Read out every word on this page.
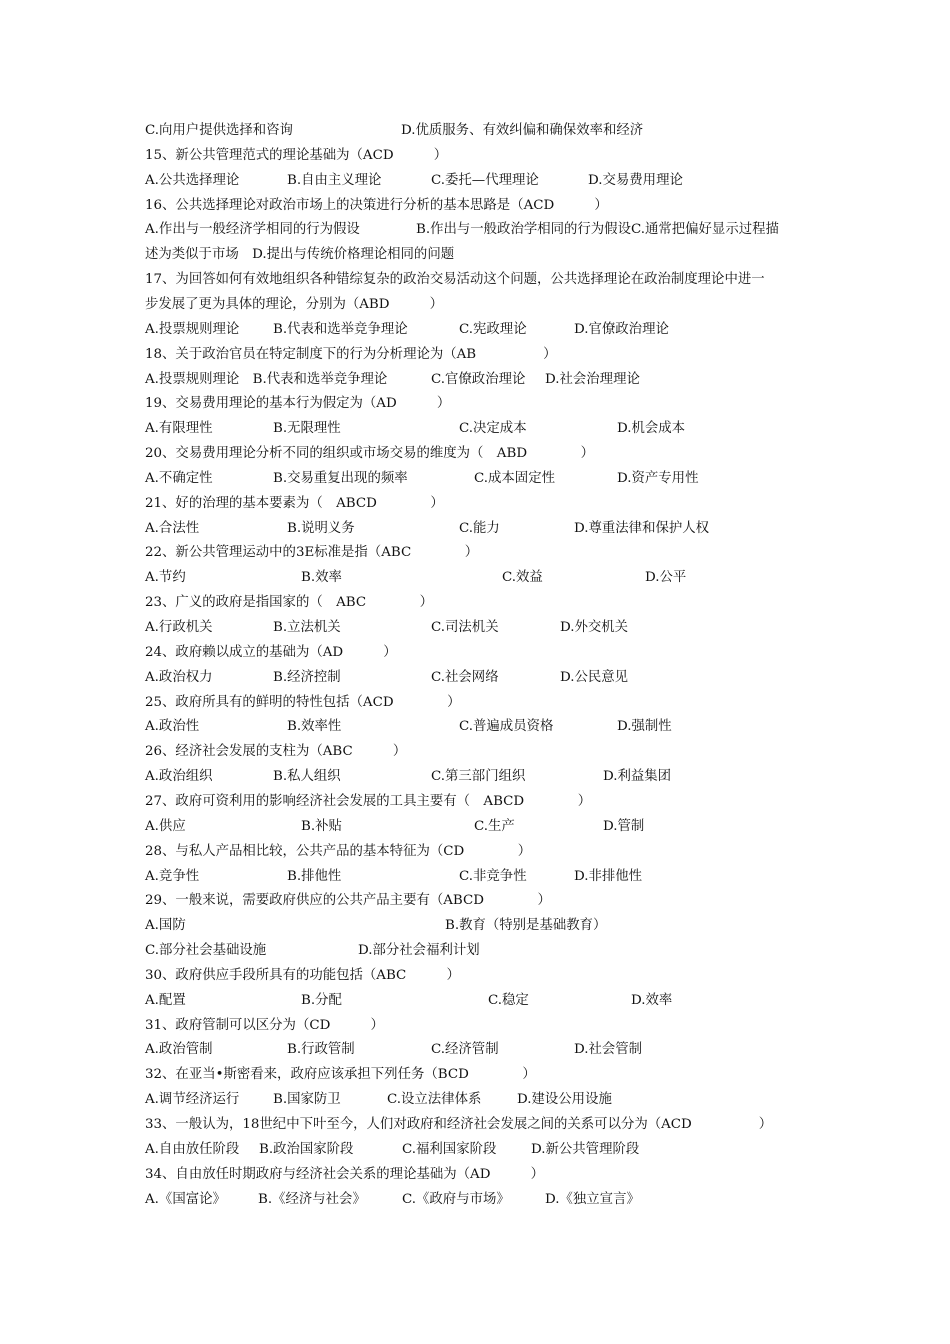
C.向用户提供选择和咨询	D.优质服务、有效纠偏和确保效率和经济
15、新公共管理范式的理论基础为（ACD　　　）
A.公共选择理论	B.自由主义理论	C.委托—代理理论	D.交易费用理论
16、公共选择理论对政治市场上的决策进行分析的基本思路是（ACD　　　）
A.作出与一般经济学相同的行为假设	B.作出与一般政治学相同的行为假设C.通常把偏好显示过程描
述为类似于市场　D.提出与传统价格理论相同的问题
17、为回答如何有效地组织各种错综复杂的政治交易活动这个问题，公共选择理论在政治制度理论中进一
步发展了更为具体的理论，分别为（ABD　　　）
A.投票规则理论	B.代表和选举竞争理论	C.宪政理论	D.官僚政治理论
18、关于政治官员在特定制度下的行为分析理论为（AB　　　　　）
A.投票规则理论　B.代表和选举竞争理论	C.官僚政治理论 D.社会治理理论
19、交易费用理论的基本行为假定为（AD　　　）
A.有限理性	B.无限理性	C.决定成本	D.机会成本
20、交易费用理论分析不同的组织或市场交易的维度为（　ABD　　　　）
A.不确定性	B.交易重复出现的频率	C.成本固定性	D.资产专用性
21、好的治理的基本要素为（　ABCD　　　　）
A.合法性	B.说明义务	C.能力	D.尊重法律和保护人权
22、新公共管理运动中的3E标准是指（ABC　　　　）
A.节约	B.效率	C.效益	D.公平
23、广义的政府是指国家的（　ABC　　　　）
A.行政机关	B.立法机关	C.司法机关	D.外交机关
24、政府赖以成立的基础为（AD　　　）
A.政治权力	B.经济控制	C.社会网络	D.公民意见
25、政府所具有的鲜明的特性包括（ACD　　　　）
A.政治性	B.效率性	C.普遍成员资格	D.强制性
26、经济社会发展的支柱为（ABC　　　）
A.政治组织	B.私人组织	C.第三部门组织	D.利益集团
27、政府可资利用的影响经济社会发展的工具主要有（　ABCD　　　　）
A.供应	B.补贴	C.生产	D.管制
28、与私人产品相比较，公共产品的基本特征为（CD　　　　）
A.竞争性	B.排他性	C.非竞争性	D.非排他性
29、一般来说，需要政府供应的公共产品主要有（ABCD　　　　）
A.国防	B.教育（特别是基础教育）
C.部分社会基础设施	D.部分社会福利计划
30、政府供应手段所具有的功能包括（ABC　　　）
A.配置	B.分配	C.稳定	D.效率
31、政府管制可以区分为（CD　　　）
A.政治管制	B.行政管制	C.经济管制	D.社会管制
32、在亚当•斯密看来，政府应该承担下列任务（BCD　　　　）
A.调节经济运行	B.国家防卫	C.设立法律体系	D.建设公用设施
33、一般认为，18世纪中下叶至今，人们对政府和经济社会发展之间的关系可以分为（ACD　　　　　）
A.自由放任阶段 B.政治国家阶段	C.福利国家阶段	D.新公共管理阶段
34、自由放任时期政府与经济社会关系的理论基础为（AD　　　）
A.《国富论》 B.《经济与社会》	C.《政府与市场》	D.《独立宣言》
